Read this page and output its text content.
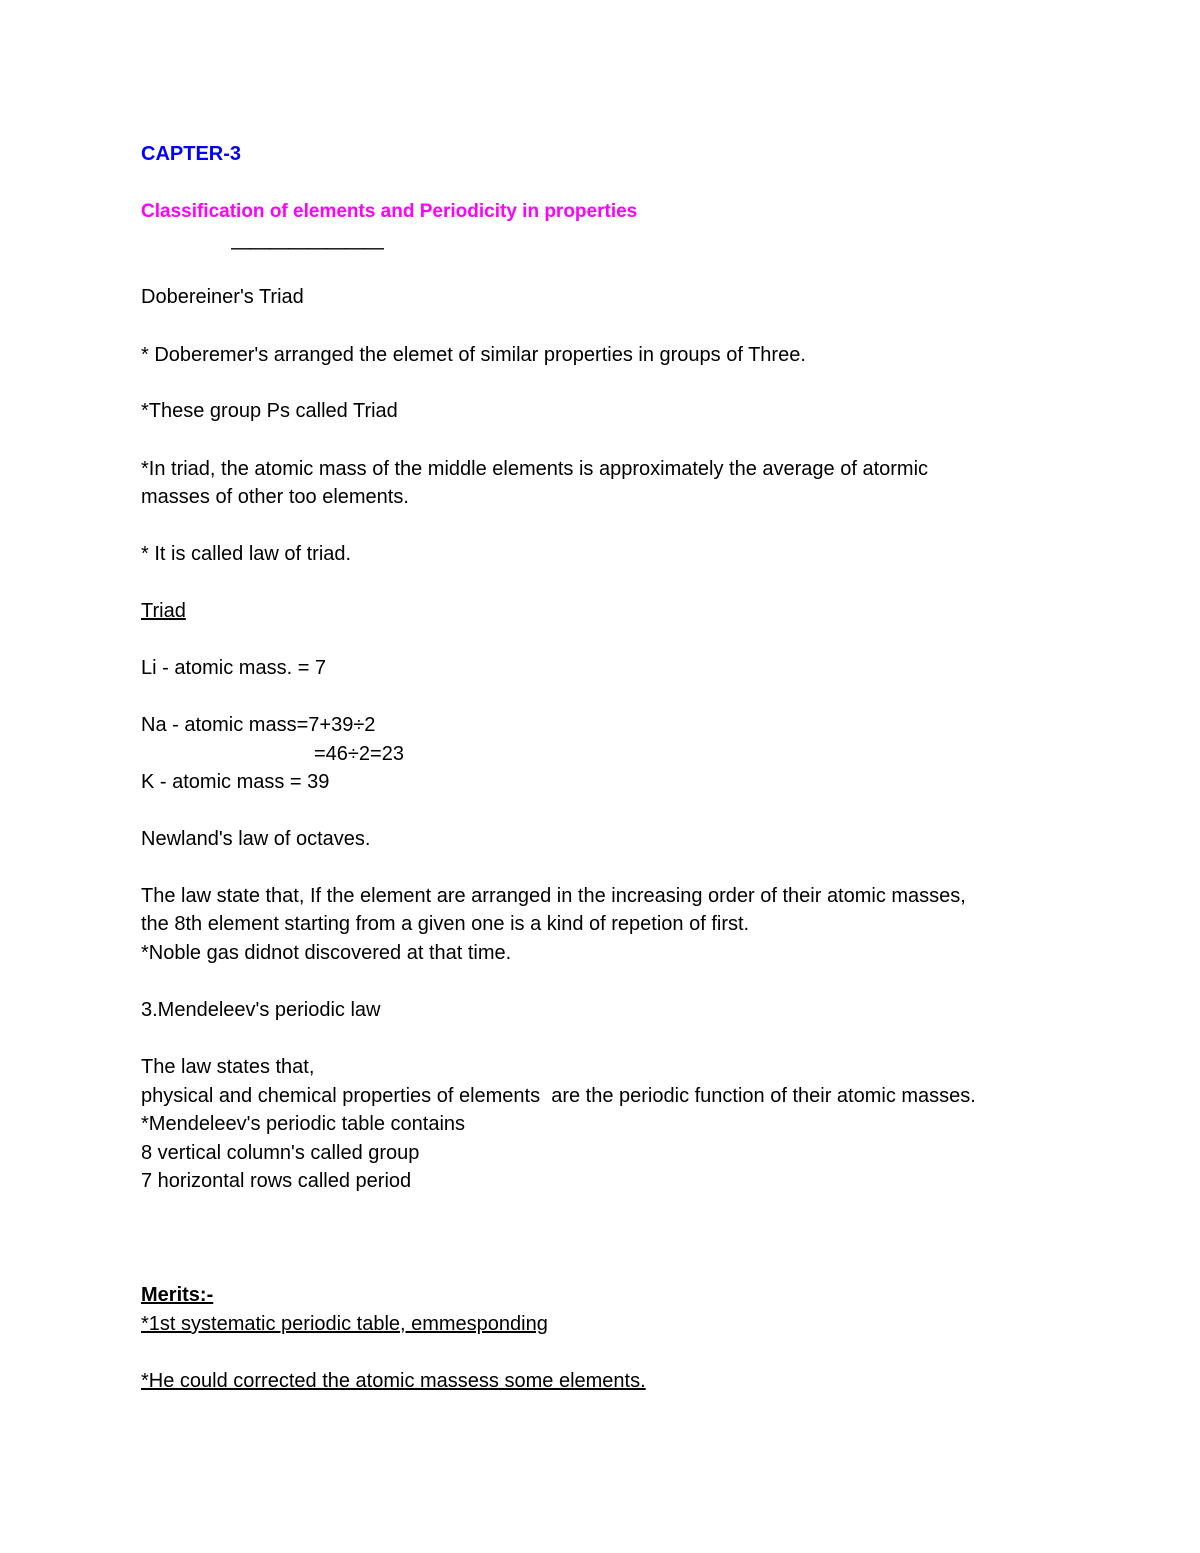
CAPTER-3
Classification of elements and Periodicity in properties
————————
Dobereiner's Triad
* Doberemer's arranged the elemet of similar properties in groups of Three.
*These group Ps called Triad
*In triad, the atomic mass of the middle elements is approximately the average of atormic
masses of other too elements.
* It is called law of triad.
Triad
Li - atomic mass. = 7
Na - atomic mass=7+39÷2
=46÷2=23
K - atomic mass = 39
Newland's law of octaves.
The law state that, If the element are arranged in the increasing order of their atomic masses,
the 8th element starting from a given one is a kind of repetion of first.
*Noble gas didnot discovered at that time.
3.Mendeleev's periodic law
The law states that,
physical and chemical properties of elements  are the periodic function of their atomic masses.
*Mendeleev's periodic table contains
8 vertical column's called group
7 horizontal rows called period
Merits:-
*1st systematic periodic table, emmesponding
*He could corrected the atomic massess some elements.
